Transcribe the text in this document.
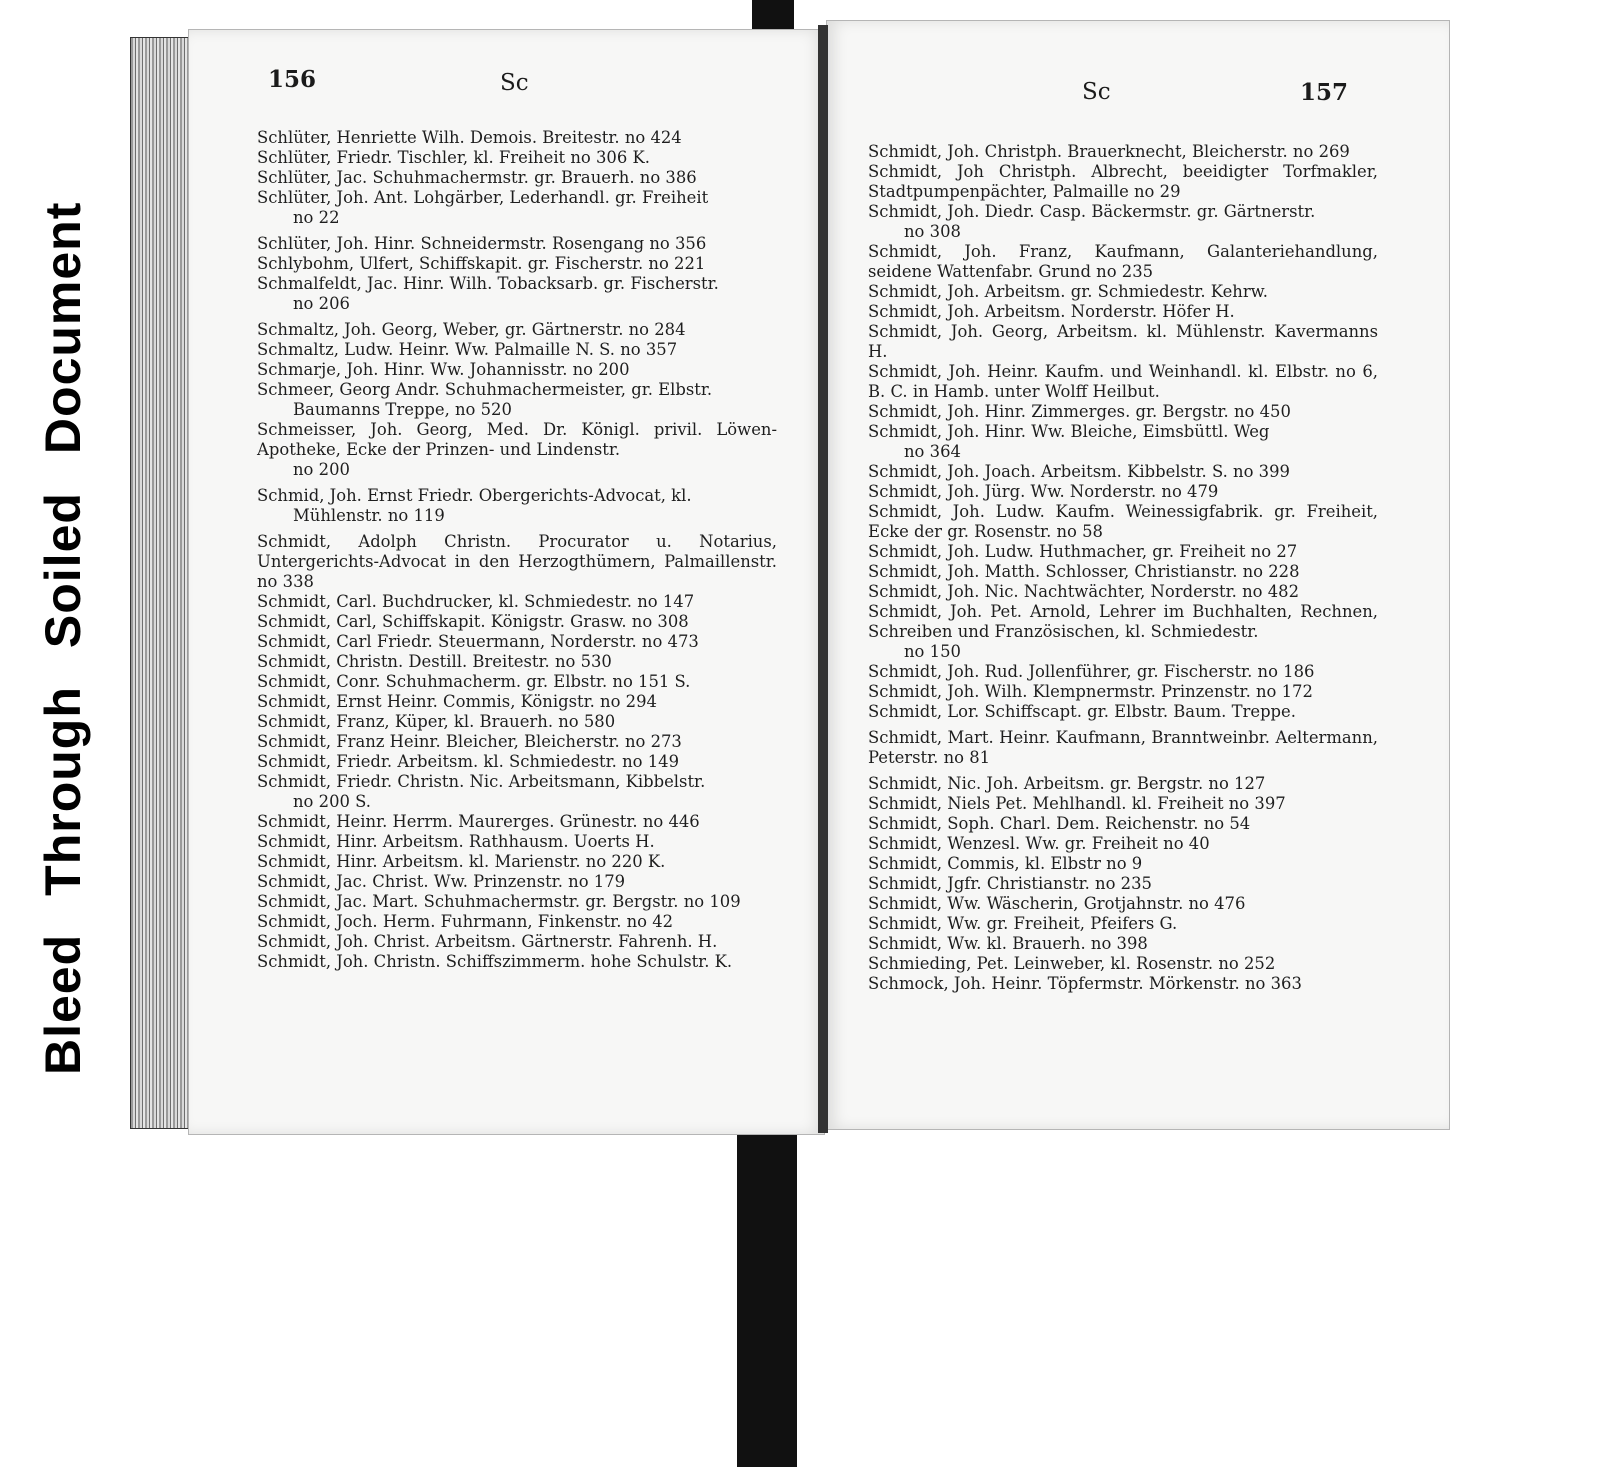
BleedThroughSoiledDocument
156	Sc	Sc	157
Schlüter, Henriette Wilh. Demois. Breitestr. no 424
Schlüter, Friedr. Tischler, kl. Freiheit no 306 K.
Schlüter, Jac. Schuhmachermstr. gr. Brauerh. no 386
Schlüter, Joh. Ant. Lohgärber, Lederhandl. gr. Freiheit
no 22
Schlüter, Joh. Hinr. Schneidermstr. Rosengang no 356
Schlybohm, Ulfert, Schiffskapit. gr. Fischerstr. no 221
Schmalfeldt, Jac. Hinr. Wilh. Tobacksarb. gr. Fischerstr.
no 206
Schmaltz, Joh. Georg, Weber, gr. Gärtnerstr. no 284
Schmaltz, Ludw. Heinr. Ww. Palmaille N. S. no 357
Schmarje, Joh. Hinr. Ww. Johannisstr. no 200
Schmeer, Georg Andr. Schuhmachermeister, gr. Elbstr.
Baumanns Treppe, no 520
Schmeisser, Joh. Georg, Med. Dr. Königl. privil. Löwen-Apotheke, Ecke der Prinzen- und Lindenstr.
no 200
Schmid, Joh. Ernst Friedr. Obergerichts-Advocat, kl.
Mühlenstr. no 119
Schmidt, Adolph Christn. Procurator u. Notarius, Untergerichts-Advocat in den Herzogthümern, Palmaillenstr. no 338
Schmidt, Carl. Buchdrucker, kl. Schmiedestr. no 147
Schmidt, Carl, Schiffskapit. Königstr. Grasw. no 308
Schmidt, Carl Friedr. Steuermann, Norderstr. no 473
Schmidt, Christn. Destill. Breitestr. no 530
Schmidt, Conr. Schuhmacherm. gr. Elbstr. no 151 S.
Schmidt, Ernst Heinr. Commis, Königstr. no 294
Schmidt, Franz, Küper, kl. Brauerh. no 580
Schmidt, Franz Heinr. Bleicher, Bleicherstr. no 273
Schmidt, Friedr. Arbeitsm. kl. Schmiedestr. no 149
Schmidt, Friedr. Christn. Nic. Arbeitsmann, Kibbelstr.
no 200 S.
Schmidt, Heinr. Herrm. Maurerges. Grünestr. no 446
Schmidt, Hinr. Arbeitsm. Rathhausm. Uoerts H.
Schmidt, Hinr. Arbeitsm. kl. Marienstr. no 220 K.
Schmidt, Jac. Christ. Ww. Prinzenstr. no 179
Schmidt, Jac. Mart. Schuhmachermstr. gr. Bergstr. no 109
Schmidt, Joch. Herm. Fuhrmann, Finkenstr. no 42
Schmidt, Joh. Christ. Arbeitsm. Gärtnerstr. Fahrenh. H.
Schmidt, Joh. Christn. Schiffszimmerm. hohe Schulstr. K.
Schmidt, Joh. Christph. Brauerknecht, Bleicherstr. no 269
Schmidt, Joh Christph. Albrecht, beeidigter Torfmakler, Stadtpumpenpächter, Palmaille no 29
Schmidt, Joh. Diedr. Casp. Bäckermstr. gr. Gärtnerstr.
no 308
Schmidt, Joh. Franz, Kaufmann, Galanteriehandlung, seidene Wattenfabr. Grund no 235
Schmidt, Joh. Arbeitsm. gr. Schmiedestr. Kehrw.
Schmidt, Joh. Arbeitsm. Norderstr. Höfer H.
Schmidt, Joh. Georg, Arbeitsm. kl. Mühlenstr. Kavermanns H.
Schmidt, Joh. Heinr. Kaufm. und Weinhandl. kl. Elbstr. no 6, B. C. in Hamb. unter Wolff Heilbut.
Schmidt, Joh. Hinr. Zimmerges. gr. Bergstr. no 450
Schmidt, Joh. Hinr. Ww. Bleiche, Eimsbüttl. Weg
no 364
Schmidt, Joh. Joach. Arbeitsm. Kibbelstr. S. no 399
Schmidt, Joh. Jürg. Ww. Norderstr. no 479
Schmidt, Joh. Ludw. Kaufm. Weinessigfabrik. gr. Freiheit, Ecke der gr. Rosenstr. no 58
Schmidt, Joh. Ludw. Huthmacher, gr. Freiheit no 27
Schmidt, Joh. Matth. Schlosser, Christianstr. no 228
Schmidt, Joh. Nic. Nachtwächter, Norderstr. no 482
Schmidt, Joh. Pet. Arnold, Lehrer im Buchhalten, Rechnen, Schreiben und Französischen, kl. Schmiedestr.
no 150
Schmidt, Joh. Rud. Jollenführer, gr. Fischerstr. no 186
Schmidt, Joh. Wilh. Klempnermstr. Prinzenstr. no 172
Schmidt, Lor. Schiffscapt. gr. Elbstr. Baum. Treppe.
Schmidt, Mart. Heinr. Kaufmann, Branntweinbr. Aeltermann, Peterstr. no 81
Schmidt, Nic. Joh. Arbeitsm. gr. Bergstr. no 127
Schmidt, Niels Pet. Mehlhandl. kl. Freiheit no 397
Schmidt, Soph. Charl. Dem. Reichenstr. no 54
Schmidt, Wenzesl. Ww. gr. Freiheit no 40
Schmidt, Commis, kl. Elbstr no 9
Schmidt, Jgfr. Christianstr. no 235
Schmidt, Ww. Wäscherin, Grotjahnstr. no 476
Schmidt, Ww. gr. Freiheit, Pfeifers G.
Schmidt, Ww. kl. Brauerh. no 398
Schmieding, Pet. Leinweber, kl. Rosenstr. no 252
Schmock, Joh. Heinr. Töpfermstr. Mörkenstr. no 363
